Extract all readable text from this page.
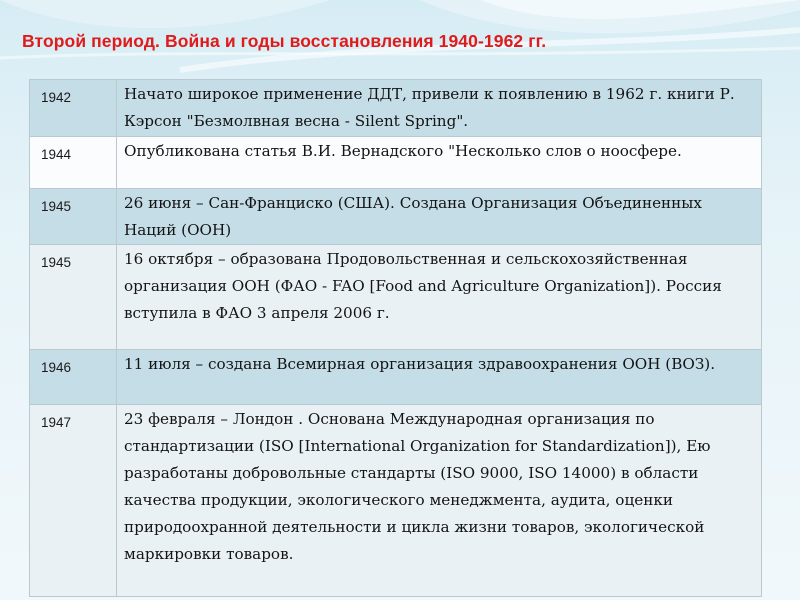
Второй период. Война и годы восстановления 1940-1962 гг.
1942	Начато широкое применение ДДТ, привели к появлению в 1962 г. книги Р. Кэрсон "Безмолвная весна - Silent Spring".
1944	Опубликована статья В.И. Вернадского "Несколько слов о ноосфере.
1945	26 июня – Сан-Франциско (США). Создана Организация Объединенных Наций (ООН)
1945	16 октября – образована Продовольственная и сельскохозяйственная организация ООН (ФАО - FAO [Food and Agriculture Organization]). Россия вступила в ФАО 3 апреля 2006 г.
1946	11 июля – создана Всемирная организация здравоохранения ООН (ВОЗ).
1947	23 февраля – Лондон . Основана Международная организация по стандартизации (ISO [International Organization for Standardization]), Ею разработаны добровольные стандарты (ISO 9000, ISO 14000) в области качества продукции, экологического менеджмента, аудита, оценки природоохранной деятельности и цикла жизни товаров, экологической маркировки товаров.
